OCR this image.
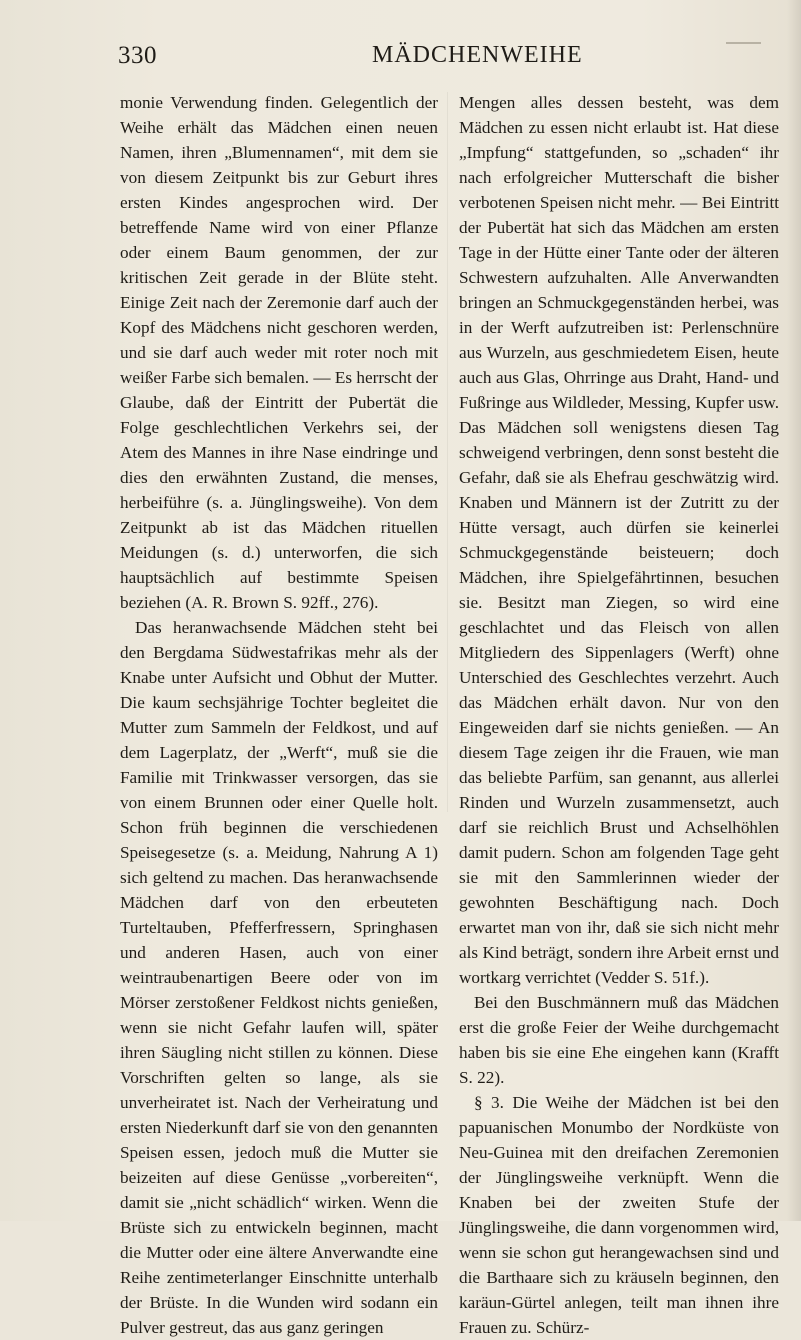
330	MÄDCHENWEIHE

monie Verwendung finden. Gelegentlich der Weihe erhält das Mädchen einen neuen Namen, ihren „Blumennamen“, mit dem sie von diesem Zeitpunkt bis zur Geburt ihres ersten Kindes angesprochen wird. Der betreffende Name wird von einer Pflanze oder einem Baum genommen, der zur kritischen Zeit gerade in der Blüte steht. Einige Zeit nach der Zeremonie darf auch der Kopf des Mädchens nicht geschoren werden, und sie darf auch weder mit roter noch mit weißer Farbe sich bemalen. — Es herrscht der Glaube, daß der Eintritt der Pubertät die Folge geschlechtlichen Verkehrs sei, der Atem des Mannes in ihre Nase eindringe und dies den erwähnten Zustand, die menses, herbeiführe (s. a. Jünglingsweihe). Von dem Zeitpunkt ab ist das Mädchen rituellen Meidungen (s. d.) unterworfen, die sich hauptsächlich auf bestimmte Speisen beziehen (A. R. Brown S. 92ff., 276).

Das heranwachsende Mädchen steht bei den Bergdama Südwestafrikas mehr als der Knabe unter Aufsicht und Obhut der Mutter. Die kaum sechsjährige Tochter begleitet die Mutter zum Sammeln der Feldkost, und auf dem Lagerplatz, der „Werft“, muß sie die Familie mit Trinkwasser versorgen, das sie von einem Brunnen oder einer Quelle holt. Schon früh beginnen die verschiedenen Speisegesetze (s. a. Meidung, Nahrung A 1) sich geltend zu machen. Das heranwachsende Mädchen darf von den erbeuteten Turteltauben, Pfefferfressern, Springhasen und anderen Hasen, auch von einer weintraubenartigen Beere oder von im Mörser zerstoßener Feldkost nichts genießen, wenn sie nicht Gefahr laufen will, später ihren Säugling nicht stillen zu können. Diese Vorschriften gelten so lange, als sie unverheiratet ist. Nach der Verheiratung und ersten Niederkunft darf sie von den genannten Speisen essen, jedoch muß die Mutter sie beizeiten auf diese Genüsse „vorbereiten“, damit sie „nicht schädlich“ wirken. Wenn die Brüste sich zu entwickeln beginnen, macht die Mutter oder eine ältere Anverwandte eine Reihe zentimeterlanger Einschnitte unterhalb der Brüste. In die Wunden wird sodann ein Pulver gestreut, das aus ganz geringen

Mengen alles dessen besteht, was dem Mädchen zu essen nicht erlaubt ist. Hat diese „Impfung“ stattgefunden, so „schaden“ ihr nach erfolgreicher Mutterschaft die bisher verbotenen Speisen nicht mehr. — Bei Eintritt der Pubertät hat sich das Mädchen am ersten Tage in der Hütte einer Tante oder der älteren Schwestern aufzuhalten. Alle Anverwandten bringen an Schmuckgegenständen herbei, was in der Werft aufzutreiben ist: Perlenschnüre aus Wurzeln, aus geschmiedetem Eisen, heute auch aus Glas, Ohrringe aus Draht, Hand- und Fußringe aus Wildleder, Messing, Kupfer usw. Das Mädchen soll wenigstens diesen Tag schweigend verbringen, denn sonst besteht die Gefahr, daß sie als Ehefrau geschwätzig wird. Knaben und Männern ist der Zutritt zu der Hütte versagt, auch dürfen sie keinerlei Schmuckgegenstände beisteuern; doch Mädchen, ihre Spielgefährtinnen, besuchen sie. Besitzt man Ziegen, so wird eine geschlachtet und das Fleisch von allen Mitgliedern des Sippenlagers (Werft) ohne Unterschied des Geschlechtes verzehrt. Auch das Mädchen erhält davon. Nur von den Eingeweiden darf sie nichts genießen. — An diesem Tage zeigen ihr die Frauen, wie man das beliebte Parfüm, san genannt, aus allerlei Rinden und Wurzeln zusammensetzt, auch darf sie reichlich Brust und Achselhöhlen damit pudern. Schon am folgenden Tage geht sie mit den Sammlerinnen wieder der gewohnten Beschäftigung nach. Doch erwartet man von ihr, daß sie sich nicht mehr als Kind beträgt, sondern ihre Arbeit ernst und wortkarg verrichtet (Vedder S. 51f.).

Bei den Buschmännern muß das Mädchen erst die große Feier der Weihe durchgemacht haben bis sie eine Ehe eingehen kann (Krafft S. 22).

§ 3. Die Weihe der Mädchen ist bei den papuanischen Monumbo der Nordküste von Neu-Guinea mit den dreifachen Zeremonien der Jünglingsweihe verknüpft. Wenn die Knaben bei der zweiten Stufe der Jünglingsweihe, die dann vorgenommen wird, wenn sie schon gut herangewachsen sind und die Barthaare sich zu kräuseln beginnen, den karäun-Gürtel anlegen, teilt man ihnen ihre Frauen zu. Schürz-
